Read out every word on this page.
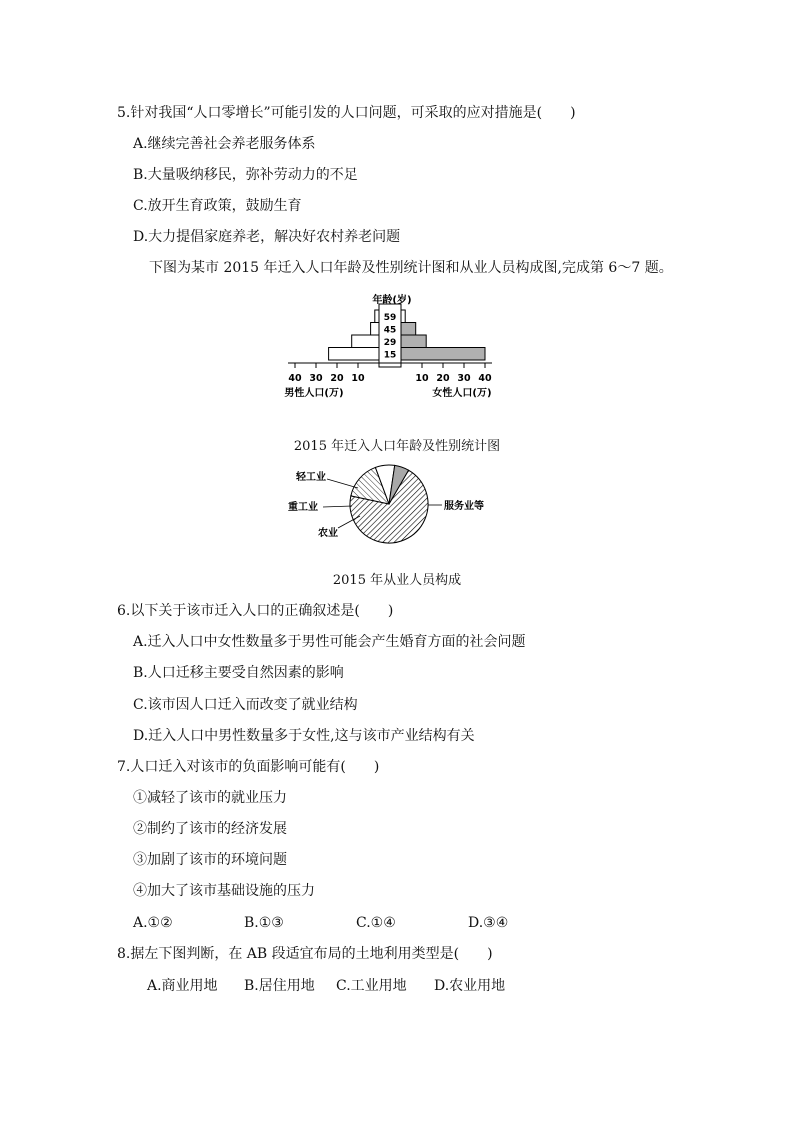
5.针对我国“人口零增长”可能引发的人口问题，可采取的应对措施是(　　)
A.继续完善社会养老服务体系
B.大量吸纳移民，弥补劳动力的不足
C.放开生育政策，鼓励生育
D.大力提倡家庭养老，解决好农村养老问题
下图为某市 2015 年迁入人口年龄及性别统计图和从业人员构成图,完成第 6～7 题。
年龄(岁)
59
45
29
15
10	10
20	20
30	30
40	40
男性人口(万)	女性人口(万)
2015 年迁入人口年龄及性别统计图
轻工业
重工业
农业
服务业等
2015 年从业人员构成
6.以下关于该市迁入人口的正确叙述是(　　)
A.迁入人口中女性数量多于男性可能会产生婚育方面的社会问题
B.人口迁移主要受自然因素的影响
C.该市因人口迁入而改变了就业结构
D.迁入人口中男性数量多于女性,这与该市产业结构有关
7.人口迁入对该市的负面影响可能有(　　)
①减轻了该市的就业压力
②制约了该市的经济发展
③加剧了该市的环境问题
④加大了该市基础设施的压力
A.①②	B.①③	C.①④	D.③④
8.据左下图判断，在 AB 段适宜布局的土地利用类型是(　　)
A.商业用地 B.居住用地 C.工业用地 D.农业用地
